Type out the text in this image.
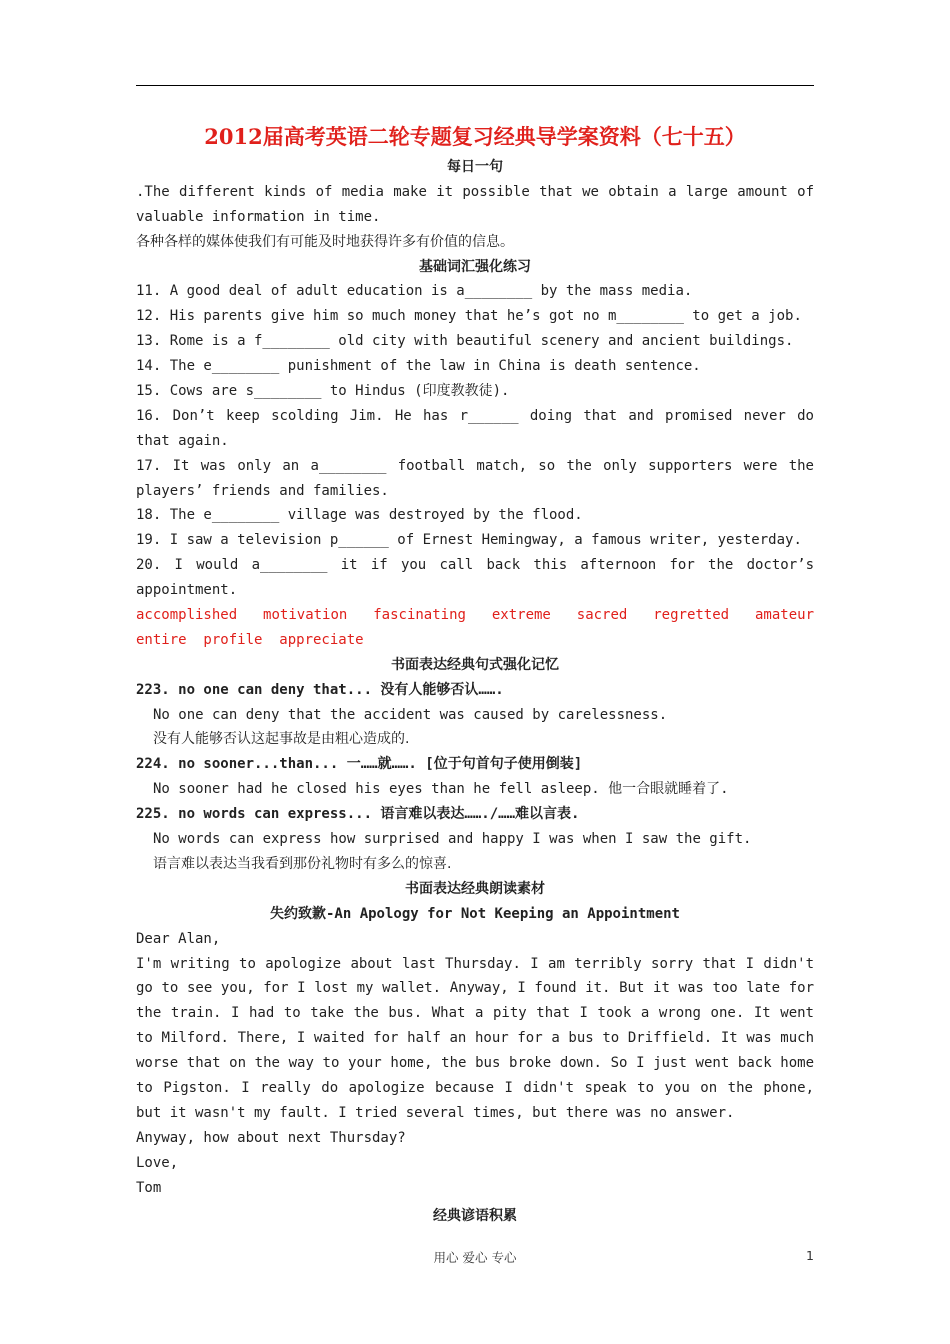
2012届高考英语二轮专题复习经典导学案资料（七十五）
每日一句
.The different kinds of media make it possible that we obtain a large amount of
valuable information in time.
各种各样的媒体使我们有可能及时地获得许多有价值的信息。
基础词汇强化练习
11. A good deal of adult education is a________ by the mass media.
12. His parents give him so much money that he’s got no m________ to get a job.
13. Rome is a f________ old city with beautiful scenery and ancient buildings.
14. The e________ punishment of the law in China is death sentence.
15. Cows are s________ to Hindus (印度教教徒).
16. Don’t keep scolding Jim. He has r______ doing that and promised never do
that again.
17. It was only an a________ football match, so the only supporters were the
players’ friends and families.
18. The e________ village was destroyed by the flood.
19. I saw a television p______ of Ernest Hemingway, a famous writer, yesterday.
20. I would a________ it if you call back this afternoon for the doctor’s
appointment.
accomplished motivation fascinating extreme sacred regretted amateur
entire  profile  appreciate
书面表达经典句式强化记忆
223. no one can deny that... 没有人能够否认…….
No one can deny that the accident was caused by carelessness.
没有人能够否认这起事故是由粗心造成的.
224. no sooner...than... 一……就……. [位于句首句子使用倒装]
No sooner had he closed his eyes than he fell asleep. 他一合眼就睡着了.
225. no words can express... 语言难以表达……./……难以言表.
No words can express how surprised and happy I was when I saw the gift.
语言难以表达当我看到那份礼物时有多么的惊喜.
书面表达经典朗读素材
失约致歉-An Apology for Not Keeping an Appointment
Dear Alan,
I'm writing to apologize about last Thursday. I am terribly sorry that I didn't
go to see you, for I lost my wallet. Anyway, I found it. But it was too late for
the train. I had to take the bus. What a pity that I took a wrong one. It went
to Milford. There, I waited for half an hour for a bus to Driffield. It was much
worse that on the way to your home, the bus broke down. So I just went back home
to Pigston. I really do apologize because I didn't speak to you on the phone,
but it wasn't my fault. I tried several times, but there was no answer.
Anyway, how about next Thursday?
Love,
Tom
经典谚语积累
用心 爱心 专心	1
